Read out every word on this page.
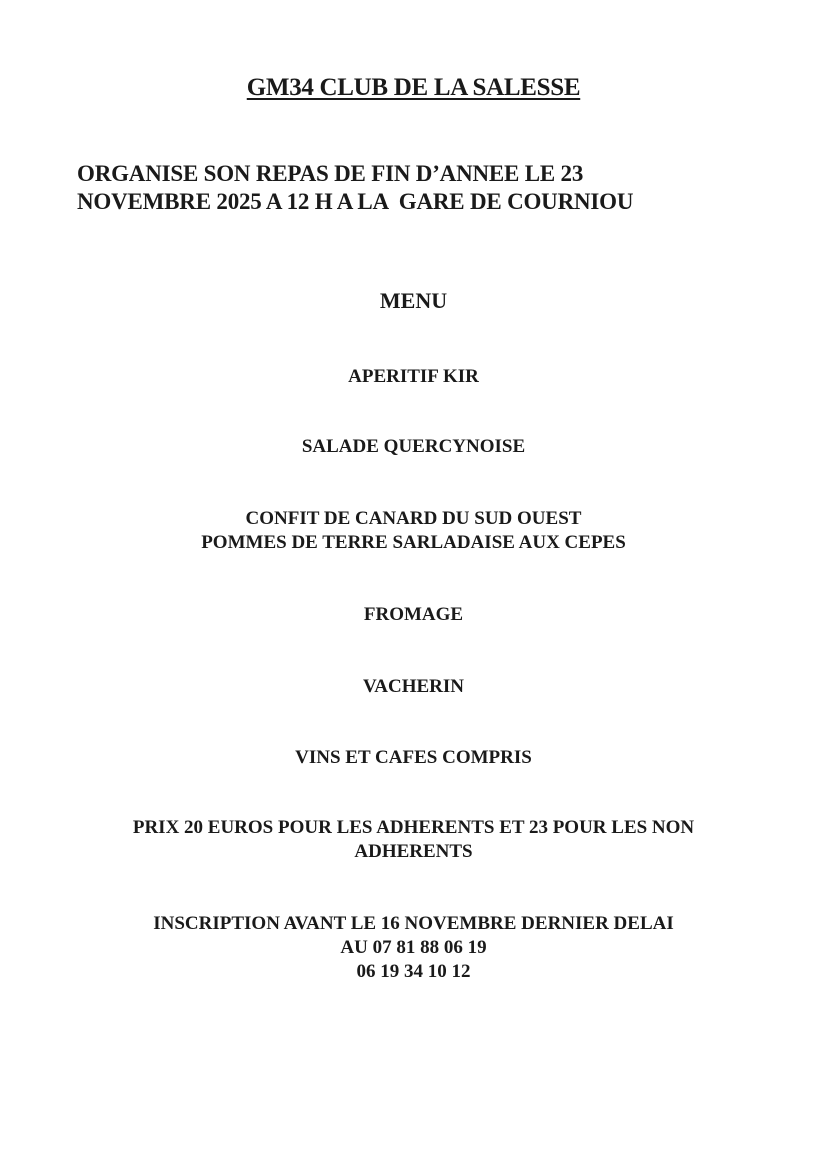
GM34 CLUB DE LA SALESSE
ORGANISE SON REPAS DE FIN D’ANNEE LE 23
NOVEMBRE 2025 A 12 H A LA  GARE DE COURNIOU
MENU
APERITIF KIR
SALADE QUERCYNOISE
CONFIT DE CANARD DU SUD OUEST
POMMES DE TERRE SARLADAISE AUX CEPES
FROMAGE
VACHERIN
VINS ET CAFES COMPRIS
PRIX 20 EUROS POUR LES ADHERENTS ET 23 POUR LES NON
ADHERENTS
INSCRIPTION AVANT LE 16 NOVEMBRE DERNIER DELAI
AU 07 81 88 06 19
06 19 34 10 12
